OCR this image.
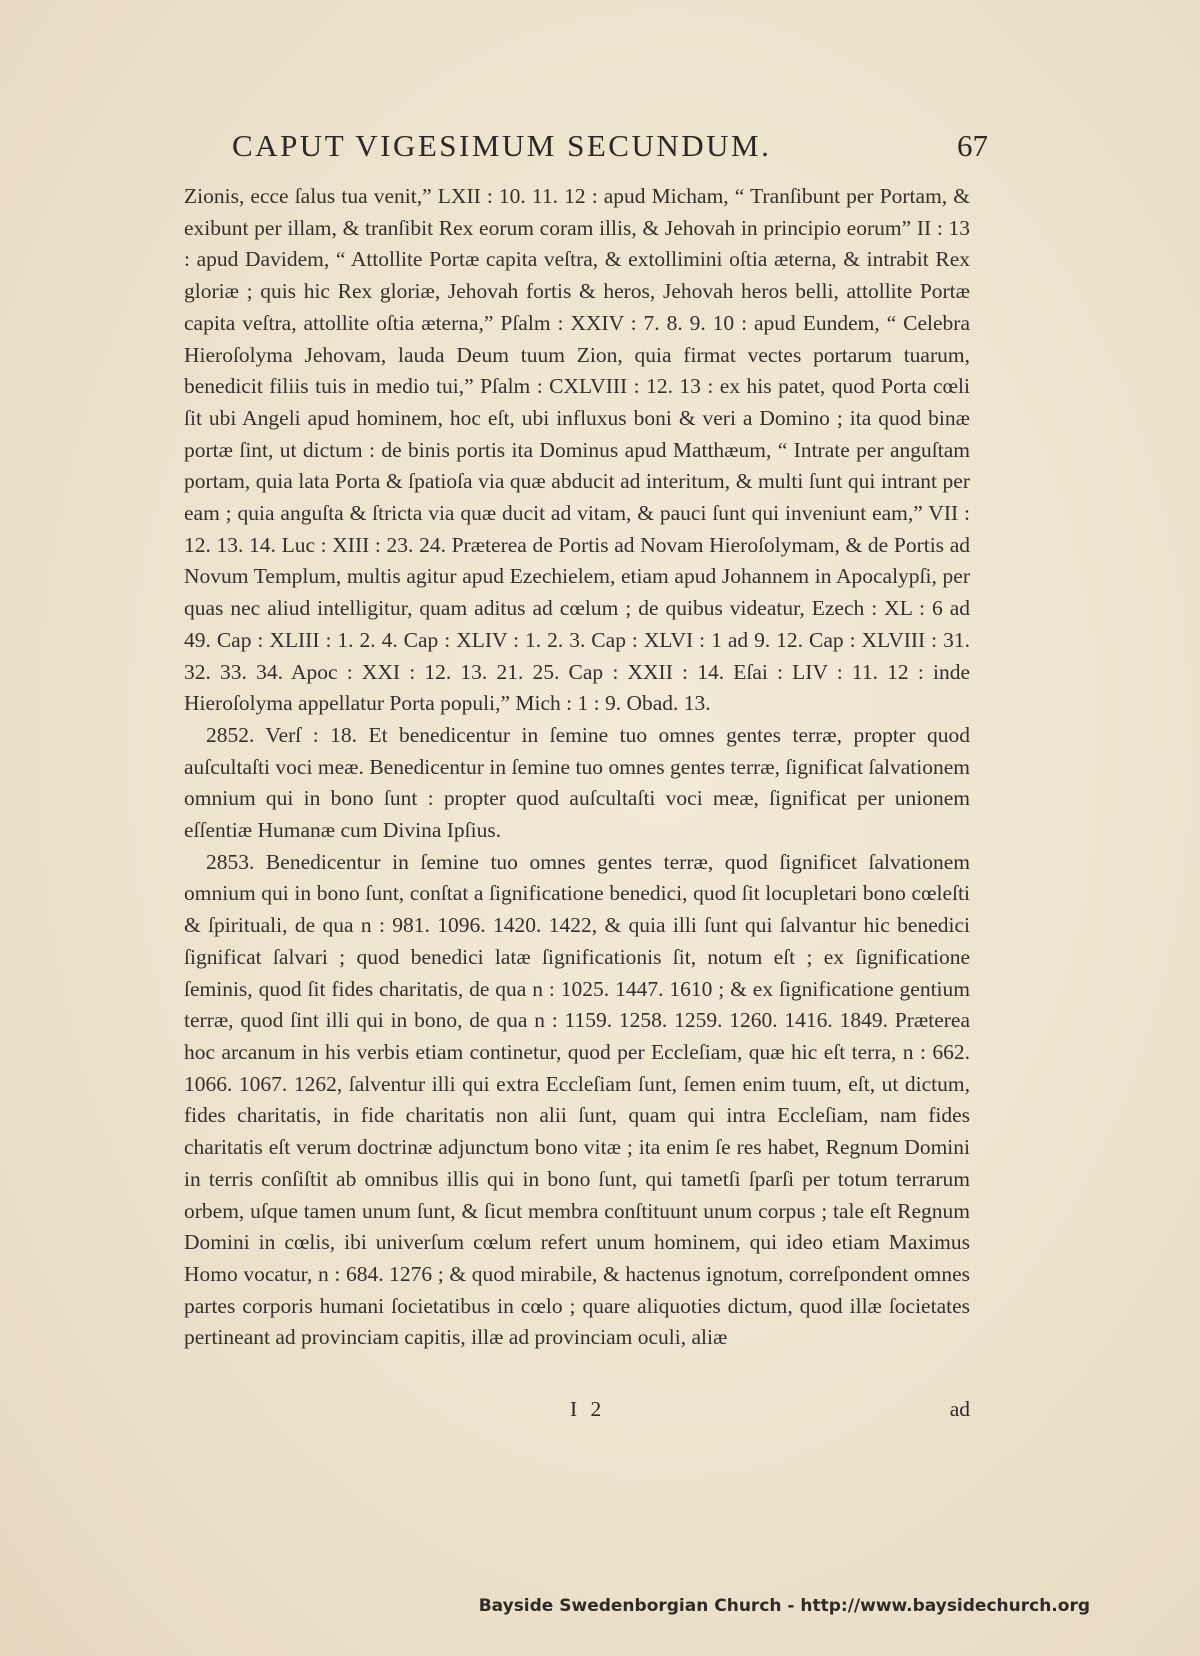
CAPUT VIGESIMUM SECUNDUM.	67

Zionis, ecce ſalus tua venit,” LXII : 10. 11. 12 : apud Micham, “ Tranſibunt per Portam, & exibunt per illam, & tranſibit Rex eorum coram illis, & Jehovah in principio eorum” II : 13 : apud Davidem, “ Attollite Portæ capita veſtra, & extollimini oſtia æterna, & intrabit Rex gloriæ ; quis hic Rex gloriæ, Jehovah fortis & heros, Jehovah heros belli, attollite Portæ capita veſtra, attollite oſtia æterna,” Pſalm : XXIV : 7. 8. 9. 10 : apud Eundem, “ Celebra Hieroſolyma Jehovam, lauda Deum tuum Zion, quia firmat vectes portarum tuarum, benedicit filiis tuis in medio tui,” Pſalm : CXLVIII : 12. 13 : ex his patet, quod Porta cœli ſit ubi Angeli apud hominem, hoc eſt, ubi influxus boni & veri a Domino ; ita quod binæ portæ ſint, ut dictum : de binis portis ita Dominus apud Matthæum, “ Intrate per anguſtam portam, quia lata Porta & ſpatioſa via quæ abducit ad interitum, & multi ſunt qui intrant per eam ; quia anguſta & ſtricta via quæ ducit ad vitam, & pauci ſunt qui inveniunt eam,” VII : 12. 13. 14. Luc : XIII : 23. 24. Præterea de Portis ad Novam Hieroſolymam, & de Portis ad Novum Templum, multis agitur apud Ezechielem, etiam apud Johannem in Apocalypſi, per quas nec aliud intelligitur, quam aditus ad cœlum ; de quibus videatur, Ezech : XL : 6 ad 49. Cap : XLIII : 1. 2. 4. Cap : XLIV : 1. 2. 3. Cap : XLVI : 1 ad 9. 12. Cap : XLVIII : 31. 32. 33. 34. Apoc : XXI : 12. 13. 21. 25. Cap : XXII : 14. Eſai : LIV : 11. 12 : inde Hieroſolyma appellatur Porta populi,” Mich : 1 : 9. Obad. 13.

2852. Verſ : 18. Et benedicentur in ſemine tuo omnes gentes terræ, propter quod auſcultaſti voci meæ. Benedicentur in ſemine tuo omnes gentes terræ, ſignificat ſalvationem omnium qui in bono ſunt : propter quod auſcultaſti voci meæ, ſignificat per unionem eſſentiæ Humanæ cum Divina Ipſius.

2853. Benedicentur in ſemine tuo omnes gentes terræ, quod ſignificet ſalvationem omnium qui in bono ſunt, conſtat a ſignificatione benedici, quod ſit locupletari bono cœleſti & ſpirituali, de qua n : 981. 1096. 1420. 1422, & quia illi ſunt qui ſalvantur hic benedici ſignificat ſalvari ; quod benedici latæ ſignificationis ſit, notum eſt ; ex ſignificatione ſeminis, quod ſit fides charitatis, de qua n : 1025. 1447. 1610 ; & ex ſignificatione gentium terræ, quod ſint illi qui in bono, de qua n : 1159. 1258. 1259. 1260. 1416. 1849. Præterea hoc arcanum in his verbis etiam continetur, quod per Eccleſiam, quæ hic eſt terra, n : 662. 1066. 1067. 1262, ſalventur illi qui extra Eccleſiam ſunt, ſemen enim tuum, eſt, ut dictum, fides charitatis, in fide charitatis non alii ſunt, quam qui intra Eccleſiam, nam fides charitatis eſt verum doctrinæ adjunctum bono vitæ ; ita enim ſe res habet, Regnum Domini in terris conſiſtit ab omnibus illis qui in bono ſunt, qui tametſi ſparſi per totum terrarum orbem, uſque tamen unum ſunt, & ſicut membra conſtituunt unum corpus ; tale eſt Regnum Domini in cœlis, ibi univerſum cœlum refert unum hominem, qui ideo etiam Maximus Homo vocatur, n : 684. 1276 ; & quod mirabile, & hactenus ignotum, correſpondent omnes partes corporis humani ſocietatibus in cœlo ; quare aliquoties dictum, quod illæ ſocietates pertineant ad provinciam capitis, illæ ad provinciam oculi, aliæ

I 2	ad
Bayside Swedenborgian Church - http://www.baysidechurch.org
